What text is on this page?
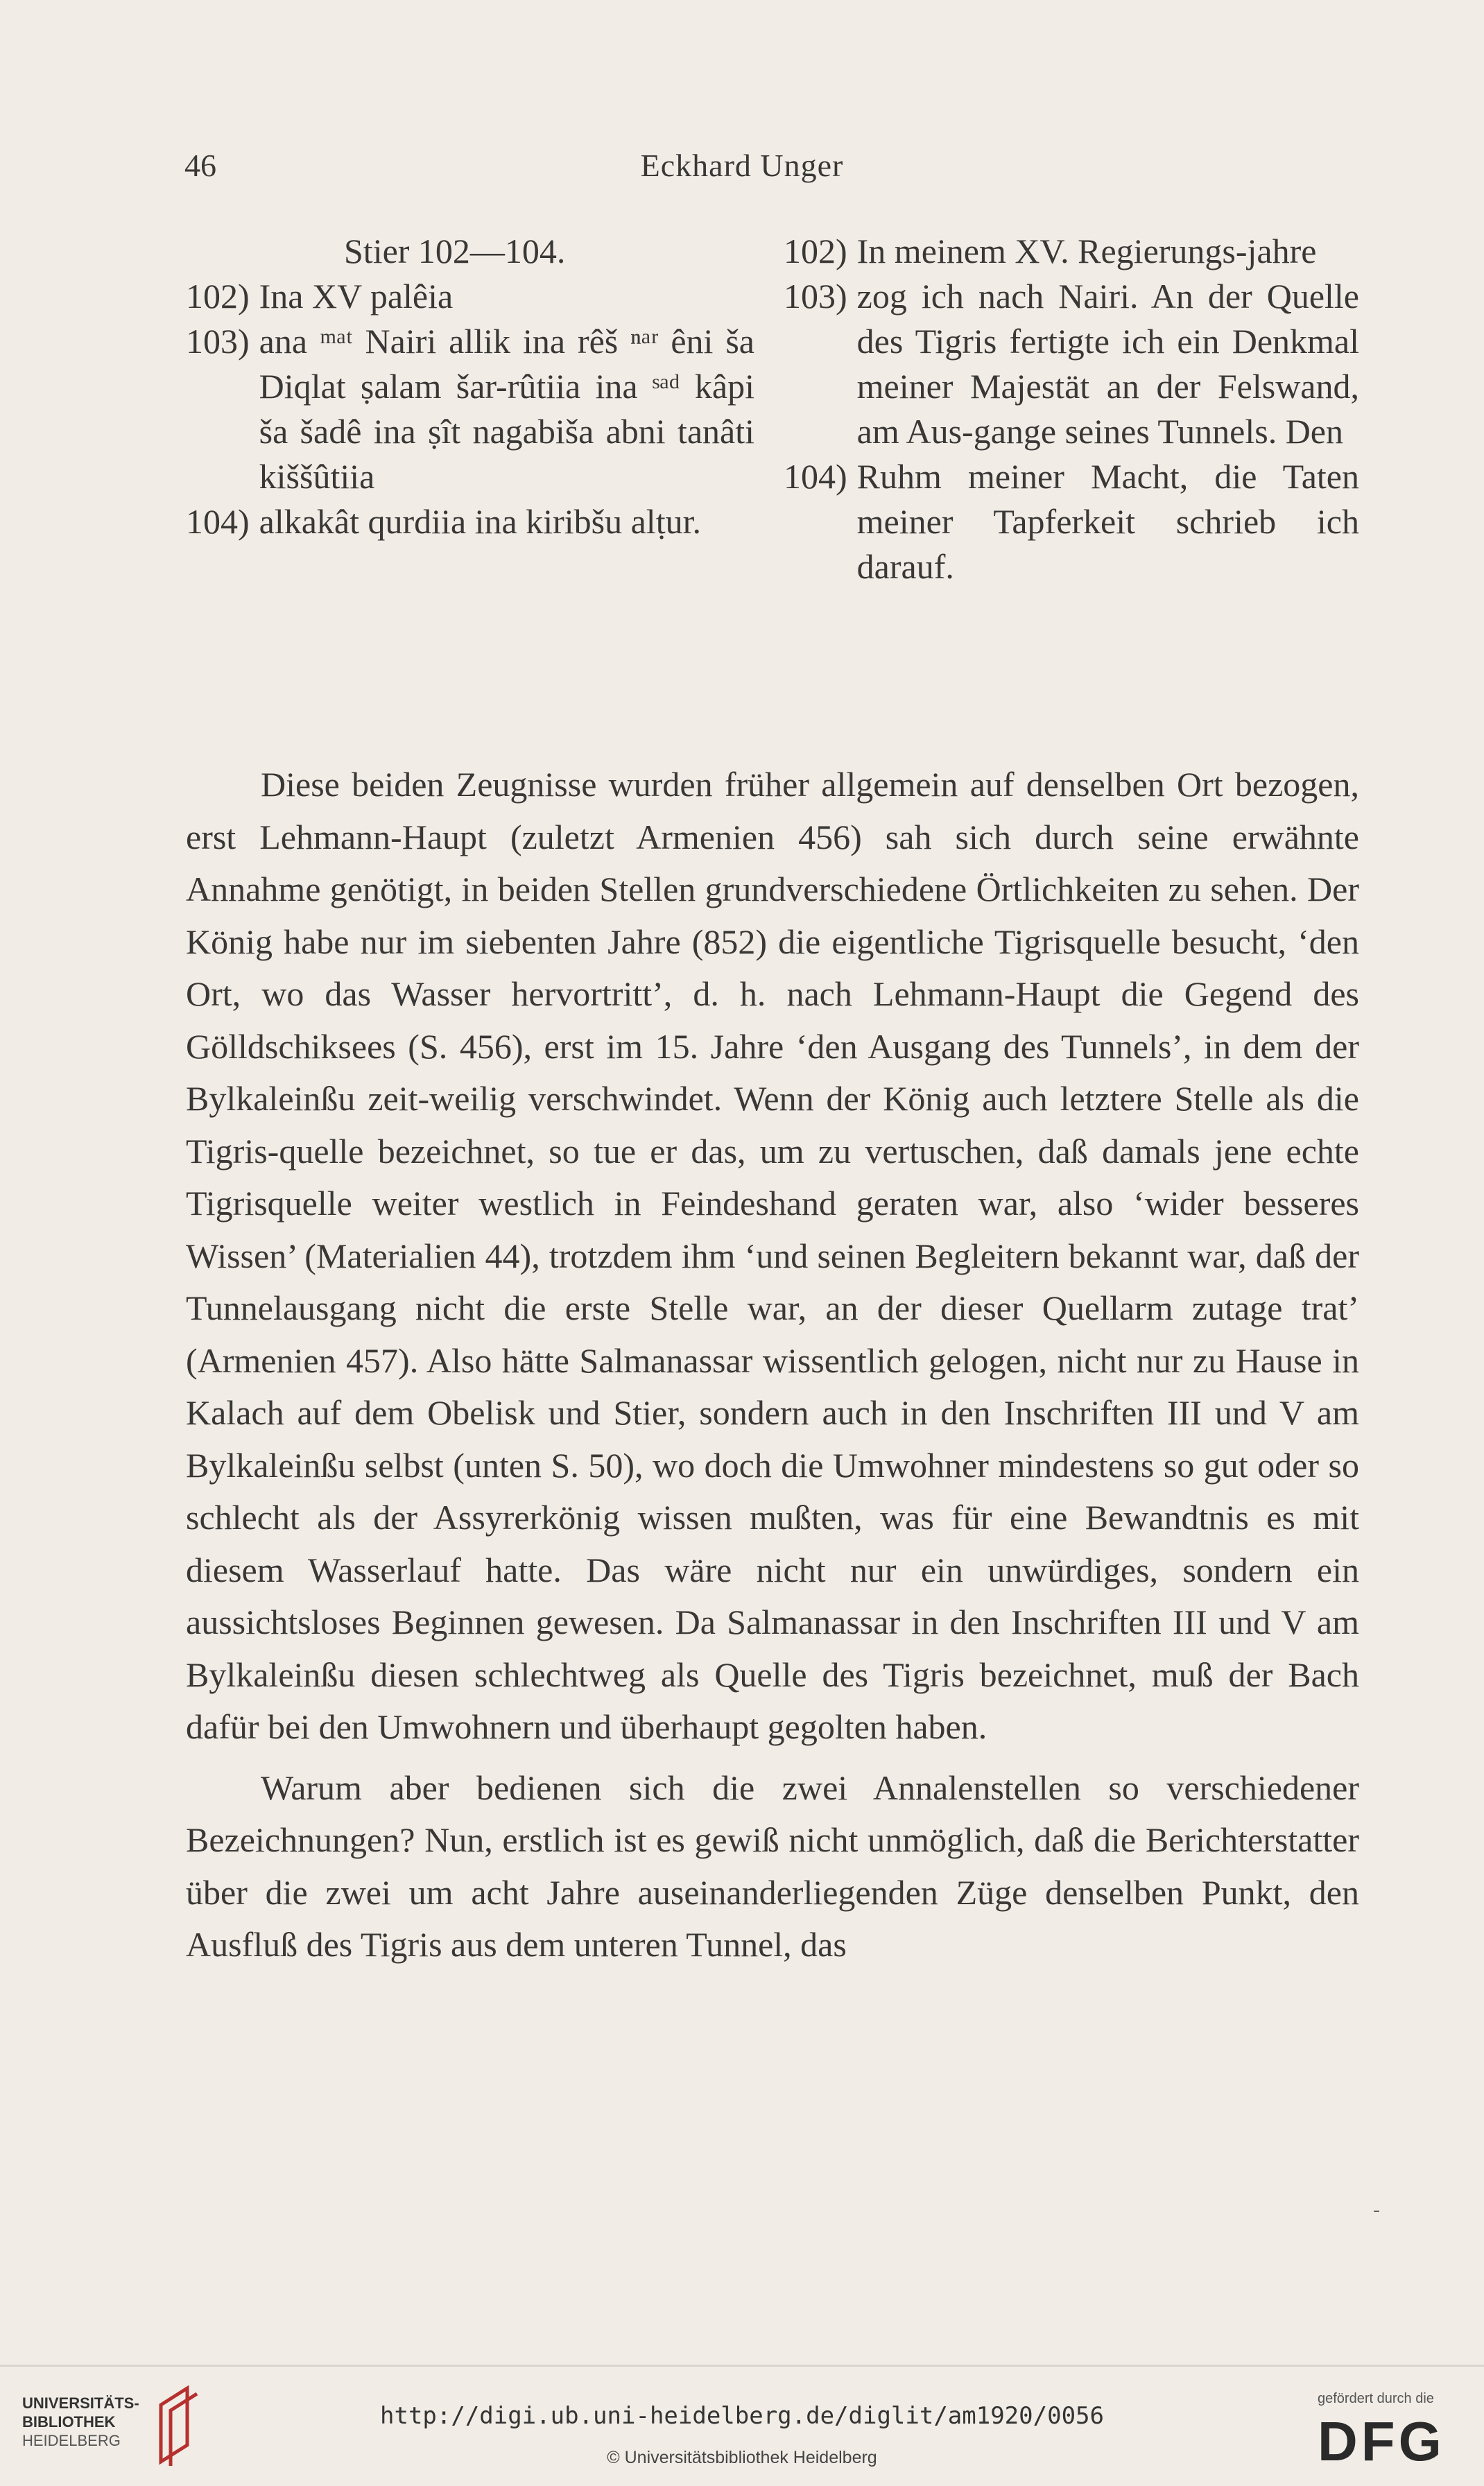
46	Eckhard Unger
Stier 102—104.
102) Ina XV palêia
103) ana ᵐᵃᵗ Nairi allik ina rêš ⁿᵃʳ êni ša Diqlat ṣalam šar-rûtiia ina ˢᵃᵈ kâpi ša šadê ina ṣît nagabiša abni tanâti kiššûtiia
104) alkakât qurdiia ina kiribšu alṭur.
102) In meinem XV. Regierungs-jahre
103) zog ich nach Nairi. An der Quelle des Tigris fertigte ich ein Denkmal meiner Majestät an der Felswand, am Aus-gange seines Tunnels. Den
104) Ruhm meiner Macht, die Taten meiner Tapferkeit schrieb ich darauf.

Diese beiden Zeugnisse wurden früher allgemein auf denselben Ort bezogen, erst Lehmann-Haupt (zuletzt Armenien 456) sah sich durch seine erwähnte Annahme genötigt, in beiden Stellen grundverschiedene Örtlichkeiten zu sehen. Der König habe nur im siebenten Jahre (852) die eigentliche Tigrisquelle besucht, ‘den Ort, wo das Wasser hervortritt’, d. h. nach Lehmann-Haupt die Gegend des Gölldschiksees (S. 456), erst im 15. Jahre ‘den Ausgang des Tunnels’, in dem der Bylkaleinßu zeit-weilig verschwindet. Wenn der König auch letztere Stelle als die Tigris-quelle bezeichnet, so tue er das, um zu vertuschen, daß damals jene echte Tigrisquelle weiter westlich in Feindeshand geraten war, also ‘wider besseres Wissen’ (Materialien 44), trotzdem ihm ‘und seinen Begleitern bekannt war, daß der Tunnelausgang nicht die erste Stelle war, an der dieser Quellarm zutage trat’ (Armenien 457). Also hätte Salmanassar wissentlich gelogen, nicht nur zu Hause in Kalach auf dem Obelisk und Stier, sondern auch in den Inschriften III und V am Bylkaleinßu selbst (unten S. 50), wo doch die Umwohner mindestens so gut oder so schlecht als der Assyrerkönig wissen mußten, was für eine Bewandtnis es mit diesem Wasserlauf hatte. Das wäre nicht nur ein unwürdiges, sondern ein aussichtsloses Beginnen gewesen. Da Salmanassar in den Inschriften III und V am Bylkaleinßu diesen schlechtweg als Quelle des Tigris bezeichnet, muß der Bach dafür bei den Umwohnern und überhaupt gegolten haben.

Warum aber bedienen sich die zwei Annalenstellen so verschiedener Bezeichnungen? Nun, erstlich ist es gewiß nicht unmöglich, daß die Berichterstatter über die zwei um acht Jahre auseinanderliegenden Züge denselben Punkt, den Ausfluß des Tigris aus dem unteren Tunnel, das

-
UNIVERSITÄTS-
BIBLIOTHEK
HEIDELBERG
http://digi.ub.uni-heidelberg.de/diglit/am1920/0056
© Universitätsbibliothek Heidelberg
gefördert durch die
DFG
